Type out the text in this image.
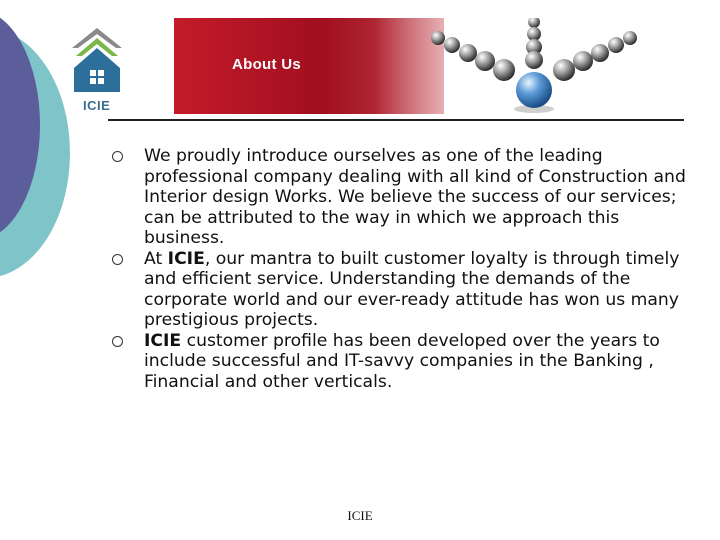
ICIE
About Us
We proudly introduce ourselves as one of the leading professional company dealing with all kind of Construction and Interior design Works. We believe the success of our services; can be attributed to the way in which we approach this business.
At ICIE, our mantra to built customer loyalty is through timely and efficient service. Understanding the demands of the corporate world and our ever-ready attitude has won us many prestigious projects.
ICIE customer profile has been developed over the years to include successful and IT-savvy companies in the Banking , Financial and other verticals.
ICIE
